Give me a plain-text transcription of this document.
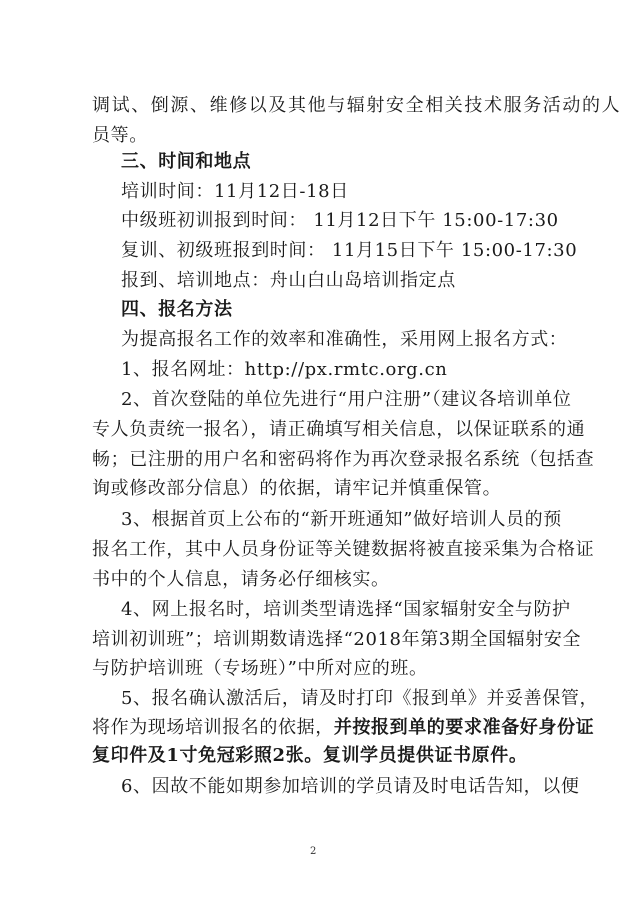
调试、倒源、维修以及其他与辐射安全相关技术服务活动的人
员等。
三、时间和地点
培训时间：11月12日-18日
中级班初训报到时间： 11月12日下午 15:00-17:30
复训、初级班报到时间： 11月15日下午 15:00-17:30
报到、培训地点：舟山白山岛培训指定点
四、报名方法
为提高报名工作的效率和准确性，采用网上报名方式：
1、报名网址：http://px.rmtc.org.cn
2、首次登陆的单位先进行“用户注册”（建议各培训单位
专人负责统一报名），请正确填写相关信息，以保证联系的通
畅；已注册的用户名和密码将作为再次登录报名系统（包括查
询或修改部分信息）的依据，请牢记并慎重保管。
3、根据首页上公布的“新开班通知”做好培训人员的预
报名工作，其中人员身份证等关键数据将被直接采集为合格证
书中的个人信息，请务必仔细核实。
4、网上报名时，培训类型请选择“国家辐射安全与防护
培训初训班”；培训期数请选择“2018年第3期全国辐射安全
与防护培训班（专场班）”中所对应的班。
5、报名确认激活后，请及时打印《报到单》并妥善保管，
将作为现场培训报名的依据，并按报到单的要求准备好身份证
复印件及1寸免冠彩照2张。复训学员提供证书原件。
6、因故不能如期参加培训的学员请及时电话告知，以便
2
